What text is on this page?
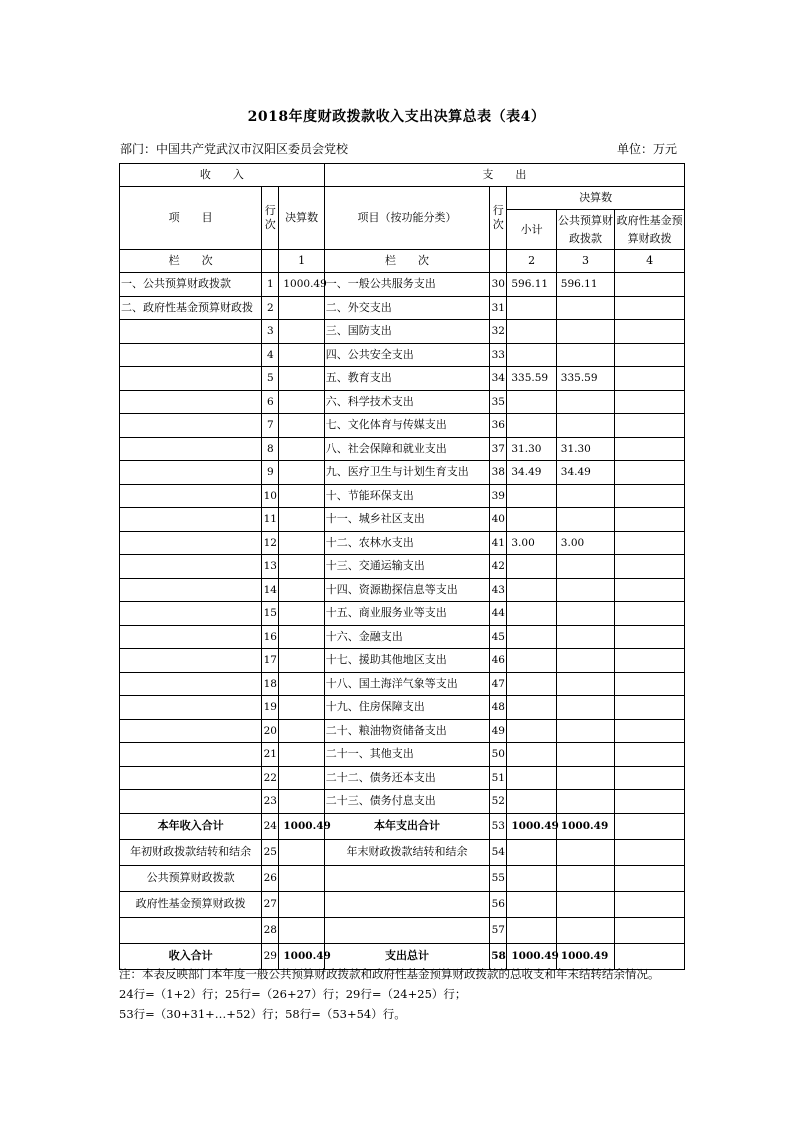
2018年度财政拨款收入支出决算总表（表4）
部门：中国共产党武汉市汉阳区委员会党校	单位：万元
收　　入			支　　出				
项　　目	行次	决算数	项目（按功能分类）	行次	决算数		
					小计	公共预算财政拨款	政府性基金预算财政拨
栏　　次		1	栏　　次		2	3	4
一、公共预算财政拨款	1	1000.49	一、一般公共服务支出	30	596.11	596.11	
二、政府性基金预算财政拨	2		二、外交支出	31			
	3		三、国防支出	32			
	4		四、公共安全支出	33			
	5		五、教育支出	34	335.59	335.59	
	6		六、科学技术支出	35			
	7		七、文化体育与传媒支出	36			
	8		八、社会保障和就业支出	37	31.30	31.30	
	9		九、医疗卫生与计划生育支出	38	34.49	34.49	
	10		十、节能环保支出	39			
	11		十一、城乡社区支出	40			
	12		十二、农林水支出	41	3.00	3.00	
	13		十三、交通运输支出	42			
	14		十四、资源勘探信息等支出	43			
	15		十五、商业服务业等支出	44			
	16		十六、金融支出	45			
	17		十七、援助其他地区支出	46			
	18		十八、国土海洋气象等支出	47			
	19		十九、住房保障支出	48			
	20		二十、粮油物资储备支出	49			
	21		二十一、其他支出	50			
	22		二十二、债务还本支出	51			
	23		二十三、债务付息支出	52			
本年收入合计	24	1000.49	本年支出合计	53	1000.49	1000.49	
年初财政拨款结转和结余	25		年末财政拨款结转和结余	54			
公共预算财政拨款	26			55			
政府性基金预算财政拨	27			56			
	28			57			
收入合计	29	1000.49	支出总计	58	1000.49	1000.49	
注：本表反映部门本年度一般公共预算财政拨款和政府性基金预算财政拨款的总收支和年末结转结余情况。
24行=（1+2）行；25行=（26+27）行；29行=（24+25）行；
53行=（30+31+…+52）行；58行=（53+54）行。
